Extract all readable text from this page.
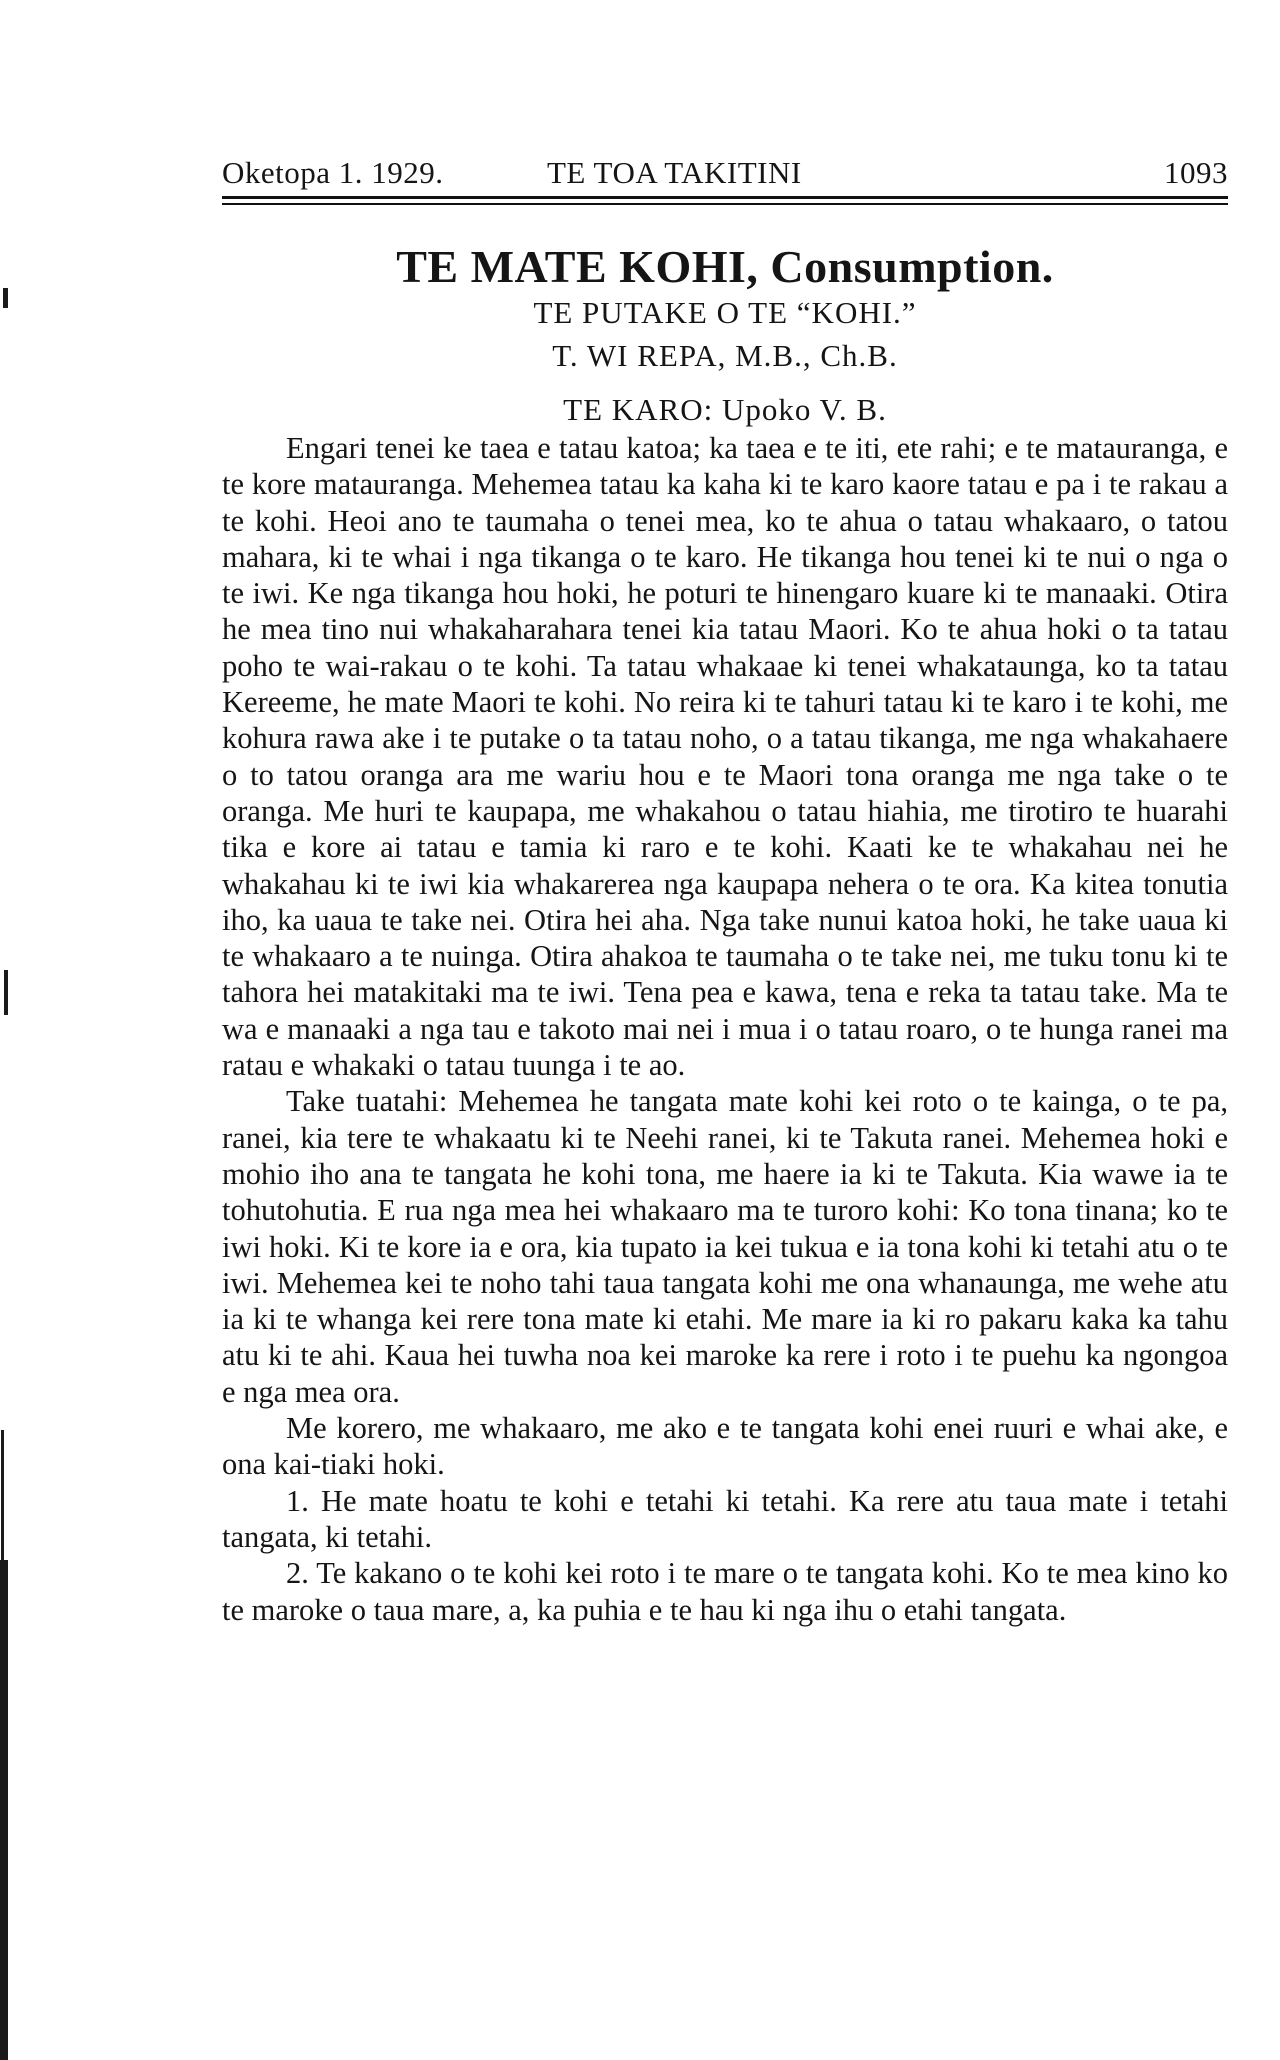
Oketopa 1. 1929.	TE TOA TAKITINI	1093
TE MATE KOHI, Consumption.
TE PUTAKE O TE “KOHI.”
T. WI REPA, M.B., Ch.B.
TE KARO: Upoko V. B.

Engari tenei ke taea e tatau katoa; ka taea e te iti, ete rahi; e te matauranga, e te kore matauranga. Mehemea tatau ka kaha ki te karo kaore tatau e pa i te rakau a te kohi. Heoi ano te taumaha o tenei mea, ko te ahua o tatau whakaaro, o tatou mahara, ki te whai i nga tikanga o te karo. He tikanga hou tenei ki te nui o nga o te iwi. Ke nga tikanga hou hoki, he poturi te hinengaro kuare ki te manaaki. Otira he mea tino nui whakaharahara tenei kia tatau Maori. Ko te ahua hoki o ta tatau poho te wai-rakau o te kohi. Ta tatau whakaae ki tenei whakataunga, ko ta tatau Kereeme, he mate Maori te kohi. No reira ki te tahuri tatau ki te karo i te kohi, me kohura rawa ake i te putake o ta tatau noho, o a tatau tikanga, me nga whakahaere o to tatou oranga ara me wariu hou e te Maori tona oranga me nga take o te oranga. Me huri te kaupapa, me whakahou o tatau hiahia, me tirotiro te huarahi tika e kore ai tatau e tamia ki raro e te kohi. Kaati ke te whakahau nei he whakahau ki te iwi kia whakarerea nga kaupapa nehera o te ora. Ka kitea tonutia iho, ka uaua te take nei. Otira hei aha. Nga take nunui katoa hoki, he take uaua ki te whakaaro a te nuinga. Otira ahakoa te taumaha o te take nei, me tuku tonu ki te tahora hei matakitaki ma te iwi. Tena pea e kawa, tena e reka ta tatau take. Ma te wa e manaaki a nga tau e takoto mai nei i mua i o tatau roaro, o te hunga ranei ma ratau e whakaki o tatau tuunga i te ao.

Take tuatahi: Mehemea he tangata mate kohi kei roto o te kainga, o te pa, ranei, kia tere te whakaatu ki te Neehi ranei, ki te Takuta ranei. Mehemea hoki e mohio iho ana te tangata he kohi tona, me haere ia ki te Takuta. Kia wawe ia te tohutohutia. E rua nga mea hei whakaaro ma te turoro kohi: Ko tona tinana; ko te iwi hoki. Ki te kore ia e ora, kia tupato ia kei tukua e ia tona kohi ki tetahi atu o te iwi. Mehemea kei te noho tahi taua tangata kohi me ona whanaunga, me wehe atu ia ki te whanga kei rere tona mate ki etahi. Me mare ia ki ro pakaru kaka ka tahu atu ki te ahi. Kaua hei tuwha noa kei maroke ka rere i roto i te puehu ka ngongoa e nga mea ora.

Me korero, me whakaaro, me ako e te tangata kohi enei ruuri e whai ake, e ona kai-tiaki hoki.

1. He mate hoatu te kohi e tetahi ki tetahi. Ka rere atu taua mate i tetahi tangata, ki tetahi.

2. Te kakano o te kohi kei roto i te mare o te tangata kohi. Ko te mea kino ko te maroke o taua mare, a, ka puhia e te hau ki nga ihu o etahi tangata.
